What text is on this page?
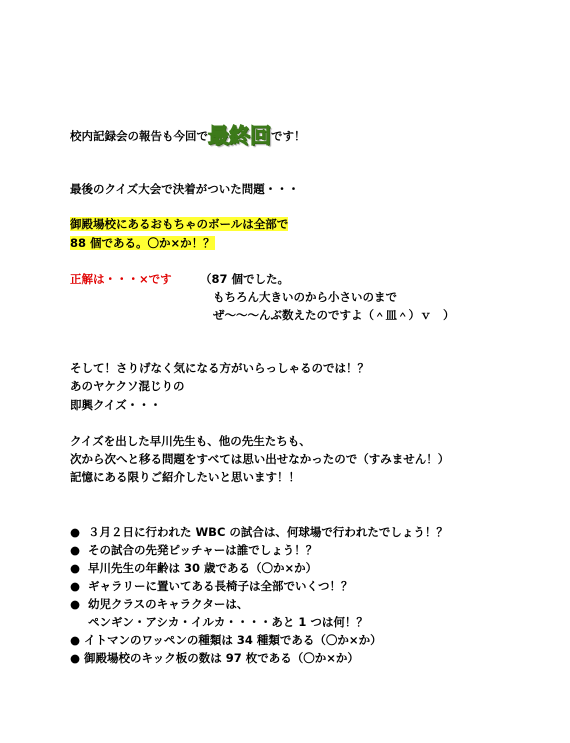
校内記録会の報告も今回で最終回です！
最後のクイズ大会で決着がついた問題・・・
御殿場校にあるおもちゃのボールは全部で
88 個である。〇か×か！？
正解は・・・×です （87 個でした。
もちろん大きいのから小さいのまで
ぜ～～～んぶ数えたのですよ（＾皿＾）ｖ　）
そして！さりげなく気になる方がいらっしゃるのでは！？
あのヤケクソ混じりの
即興クイズ・・・
クイズを出した早川先生も、他の先生たちも、
次から次へと移る問題をすべては思い出せなかったので（すみません！）
記憶にある限りご紹介したいと思います！！
● ３月２日に行われた WBC の試合は、何球場で行われたでしょう！？
● その試合の先発ピッチャーは誰でしょう！？
● 早川先生の年齢は 30 歳である（〇か×か）
● ギャラリーに置いてある長椅子は全部でいくつ！？
● 幼児クラスのキャラクターは、
ペンギン・アシカ・イルカ・・・・あと 1 つは何！？
● イトマンのワッペンの種類は 34 種類である（〇か×か）
● 御殿場校のキック板の数は 97 枚である（〇か×か）
